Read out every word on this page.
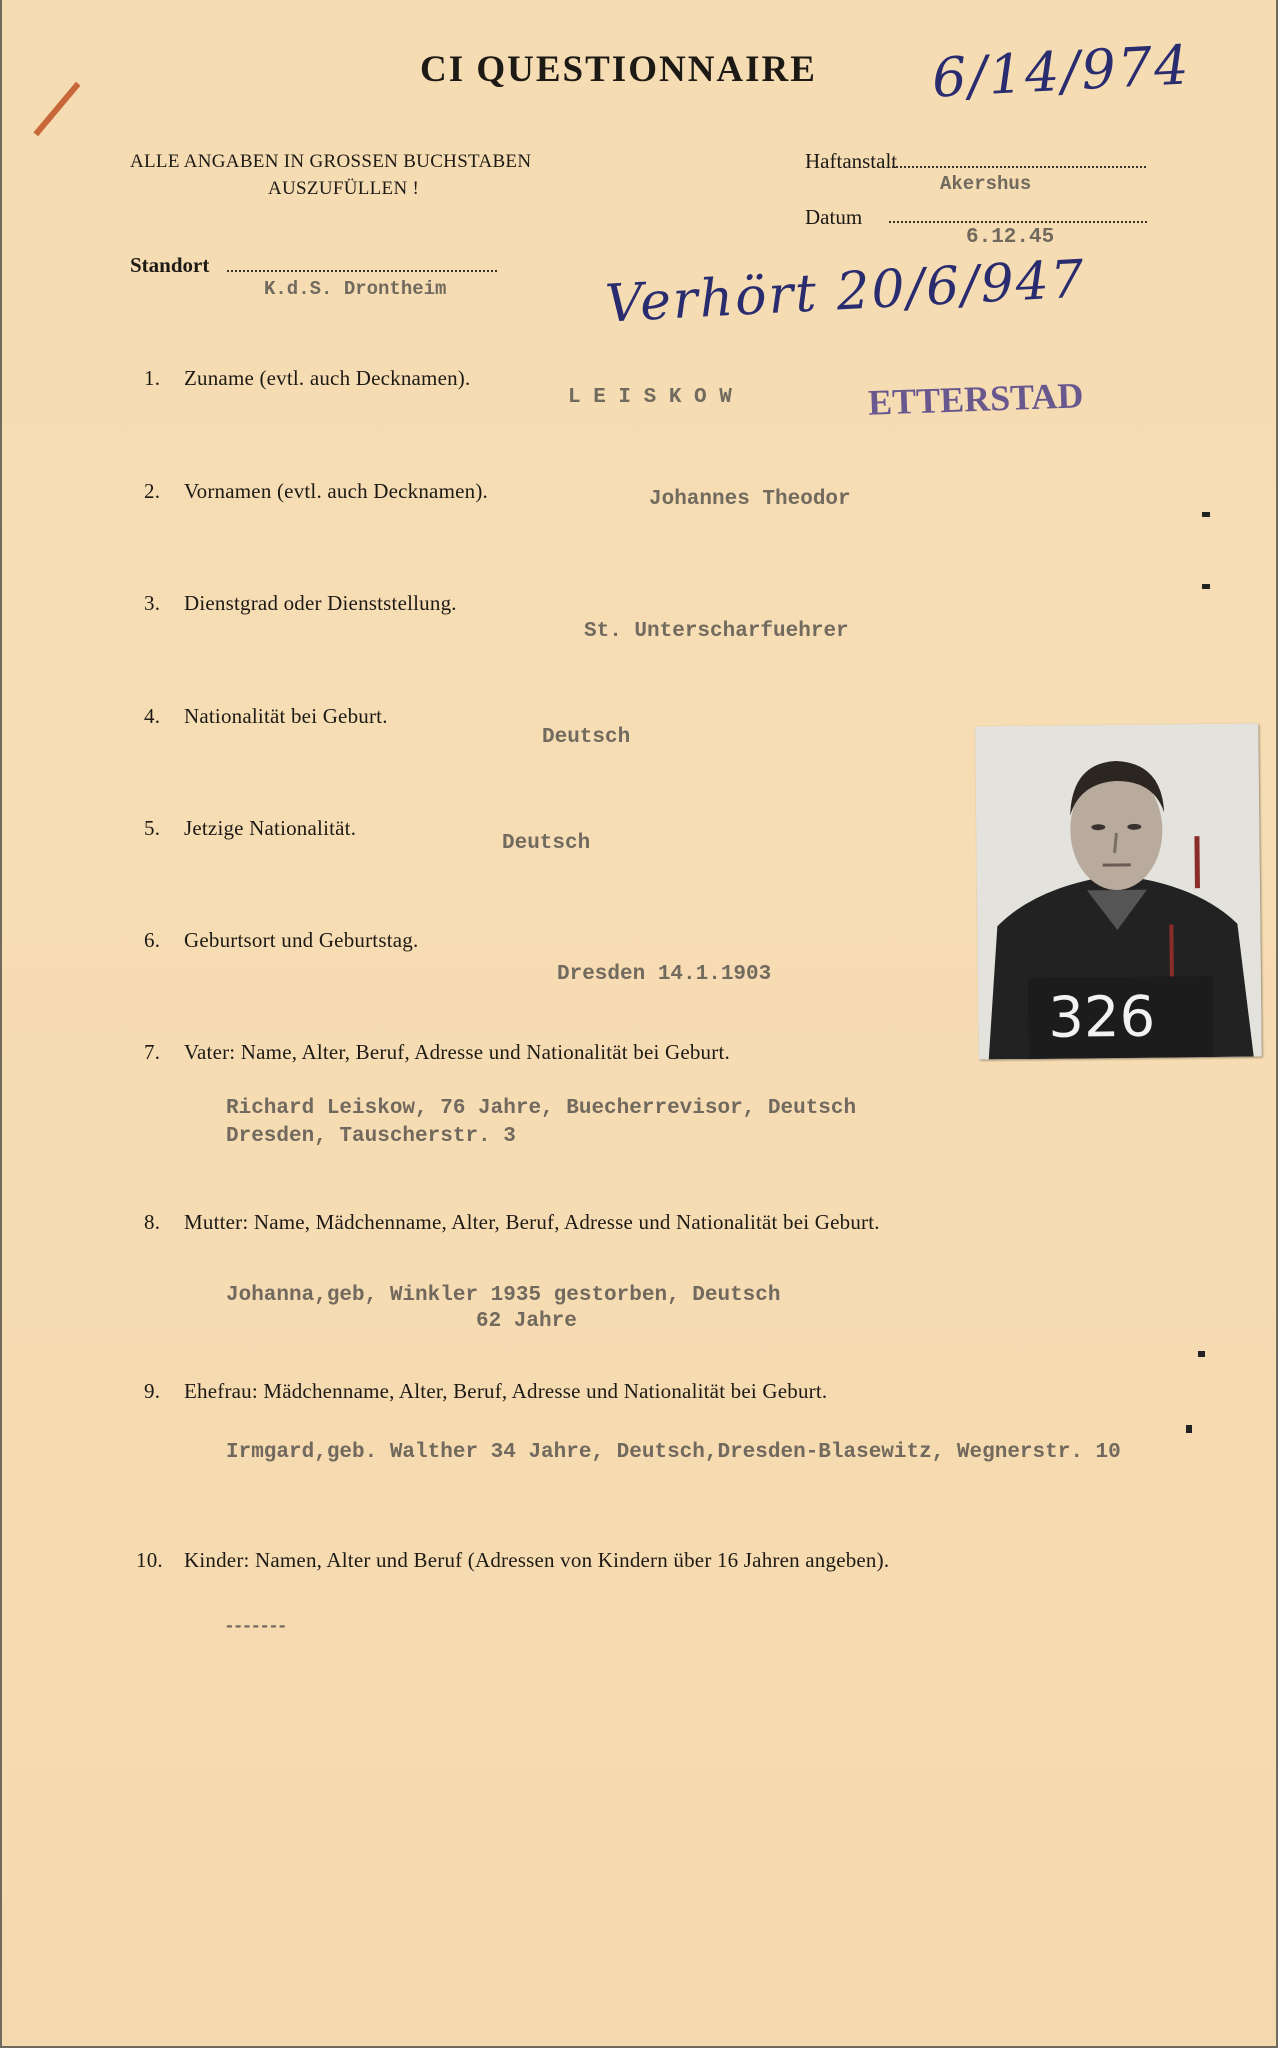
CI QUESTIONNAIRE 6/14/974
ALLE ANGABEN IN GROSSEN BUCHSTABEN
AUSZUFÜLLEN !
Haftanstalt
Akershus
Datum
6.12.45
Standort
K.d.S. Drontheim	Verhört 20/6/947
ETTERSTAD
326
1. Zuname (evtl. auch Decknamen).
L E I S K O W
2. Vornamen (evtl. auch Decknamen).	Johannes Theodor
3. Dienstgrad oder Dienststellung.
St. Unterscharfuehrer
4. Nationalität bei Geburt.
Deutsch
5. Jetzige Nationalität.
Deutsch
6. Geburtsort und Geburtstag.
Dresden 14.1.1903
7. Vater: Name, Alter, Beruf, Adresse und Nationalität bei Geburt.
Richard Leiskow, 76 Jahre, Buecherrevisor, Deutsch
Dresden, Tauscherstr. 3
8. Mutter: Name, Mädchenname, Alter, Beruf, Adresse und Nationalität bei Geburt.
Johanna,geb, Winkler 1935 gestorben, Deutsch
62 Jahre
9. Ehefrau: Mädchenname, Alter, Beruf, Adresse und Nationalität bei Geburt.
Irmgard,geb. Walther 34 Jahre, Deutsch,Dresden-Blasewitz, Wegnerstr. 10
10. Kinder: Namen, Alter und Beruf (Adressen von Kindern über 16 Jahren angeben).
-------
